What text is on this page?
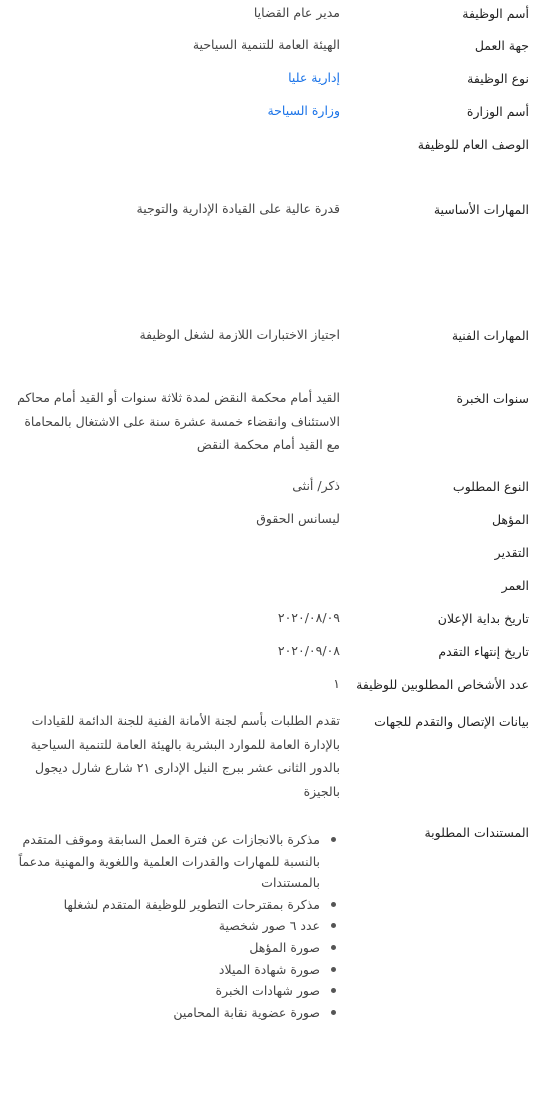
أسم الوظيفة
مدير عام القضايا
جهة العمل
الهيئة العامة للتنمية السياحية
نوع الوظيفة
إدارية عليا
أسم الوزارة
وزارة السياحة
الوصف العام للوظيفة
المهارات الأساسية
قدرة عالية على القيادة الإدارية والتوجية
المهارات الفنية
اجتياز الاختبارات اللازمة لشغل الوظيفة
سنوات الخبرة
القيد أمام محكمة النقض لمدة ثلاثة سنوات أو القيد أمام محاكم الاستئناف وانقضاء خمسة عشرة سنة على الاشتغال بالمحاماة مع القيد أمام محكمة النقض
النوع المطلوب
ذكر/ أنثى
المؤهل
ليسانس الحقوق
التقدير
العمر
تاريخ بداية الإعلان
٢٠٢٠/٠٨/٠٩
تاريخ إنتهاء التقدم
٢٠٢٠/٠٩/٠٨
عدد الأشخاص المطلوبين للوظيفة
١
بيانات الإتصال والتقدم للجهات
تقدم الطلبات بأسم لجنة الأمانة الفنية للجنة الدائمة للقيادات بالإدارة العامة للموارد البشرية بالهيئة العامة للتنمية السياحية بالدور الثانى عشر ببرج النيل الإدارى ٢١ شارع شارل ديجول بالجيزة
المستندات المطلوبة
مذكرة بالانجازات عن فترة العمل السابقة وموقف المتقدم بالنسبة للمهارات والقدرات العلمية واللغوية والمهنية مدعماً بالمستندات
مذكرة بمقترحات التطوير للوظيفة المتقدم لشغلها
عدد ٦ صور شخصية
صورة المؤهل
صورة شهادة الميلاد
صور شهادات الخبرة
صورة عضوية نقابة المحامين
